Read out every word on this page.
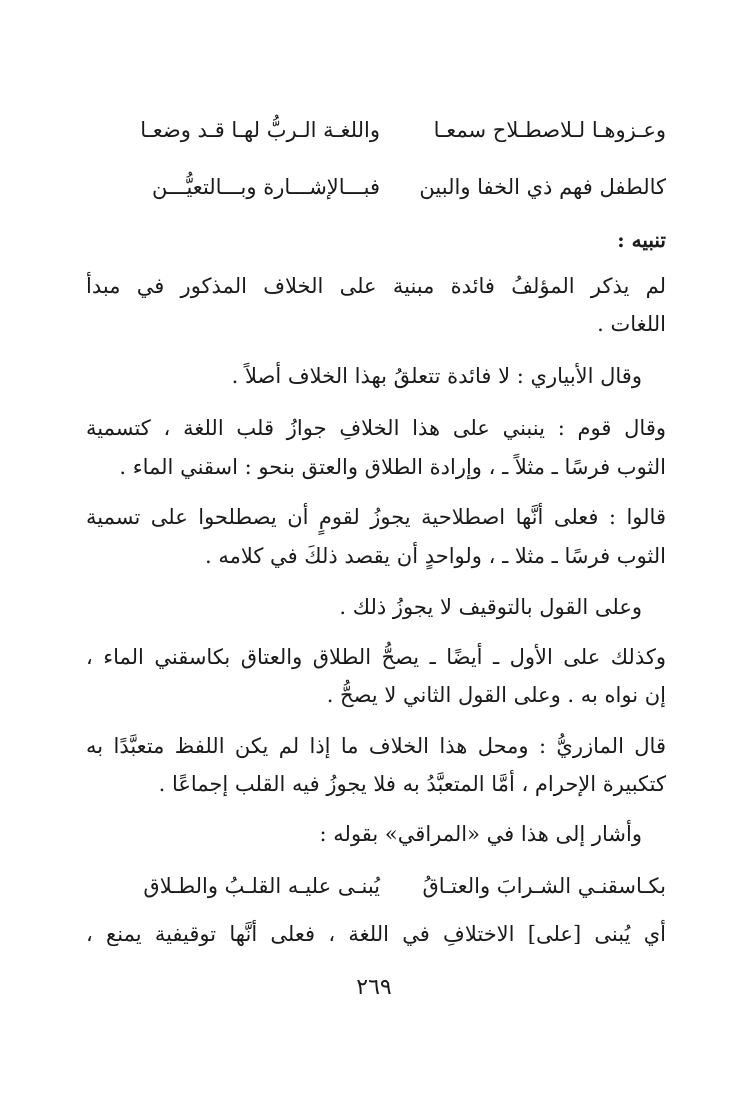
واللغـة الـربُّ لهـا قـد وضعـا	وعـزوهـا لـلاصطـلاح سمعـا
فبـــالإشـــارة وبـــالتعيُّـــن كالطفل فهم ذي الخفا والبين
تنبيه :
لم يذكر المؤلفُ فائدة مبنية على الخلاف المذكور في مبدأ
اللغات .
وقال الأبياري : لا فائدة تتعلقُ بهذا الخلاف أصلاً .
وقال قوم : ينبني على هذا الخلافِ جوازُ قلب اللغة ، كتسمية
الثوب فرسًا ـ مثلاً ـ ، وإرادة الطلاق والعتق بنحو : اسقني الماء .
قالوا : فعلى أنَّها اصطلاحية يجوزُ لقومٍ أن يصطلحوا على تسمية
الثوب فرسًا ـ مثلا ـ ، ولواحدٍ أن يقصد ذلكَ في كلامه .
وعلى القول بالتوقيف لا يجوزُ ذلك .
وكذلك على الأول ـ أيضًا ـ يصحُّ الطلاق والعتاق بكاسقني الماء ،
إن نواه به . وعلى القول الثاني لا يصحُّ .
قال المازريُّ : ومحل هذا الخلاف ما إذا لم يكن اللفظ متعبَّدًا به
كتكبيرة الإحرام ، أمَّا المتعبَّدُ به فلا يجوزُ فيه القلب إجماعًا .
وأشار إلى هذا في «المراقي» بقوله :
يُبنـى عليـه القلـبُ والطـلاق بكـاسقنـي الشـرابَ والعتـاقُ
أي يُبنى [على] الاختلافِ في اللغة ، فعلى أنَّها توقيفية يمنع ،
٢٦٩
